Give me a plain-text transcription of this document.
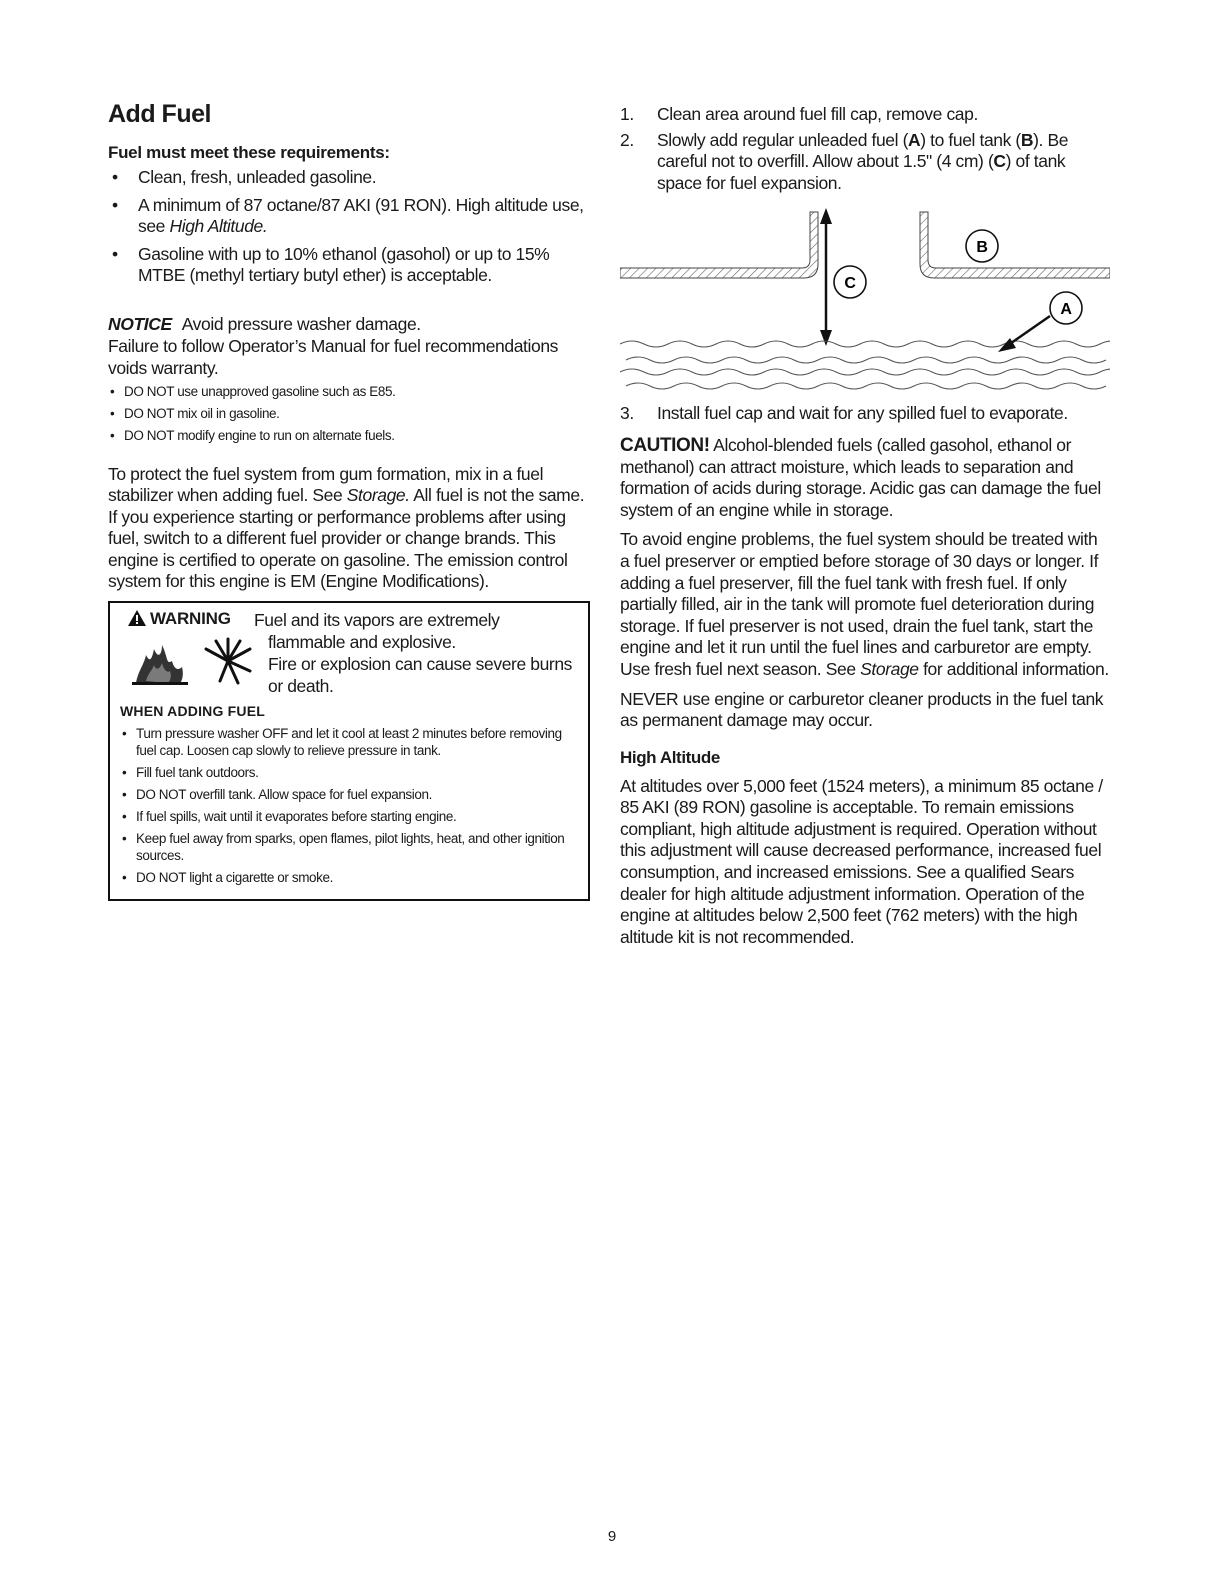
Add Fuel
Fuel must meet these requirements:
• Clean, fresh, unleaded gasoline.
• A minimum of 87 octane/87 AKI (91 RON). High altitude use, see High Altitude.
• Gasoline with up to 10% ethanol (gasohol) or up to 15% MTBE (methyl tertiary butyl ether) is acceptable.
NOTICE Avoid pressure washer damage.

Failure to follow Operator’s Manual for fuel recommendations voids warranty.

• DO NOT use unapproved gasoline such as E85.
• DO NOT mix oil in gasoline.
• DO NOT modify engine to run on alternate fuels.

To protect the fuel system from gum formation, mix in a fuel stabilizer when adding fuel. See Storage. All fuel is not the same. If you experience starting or performance problems after using fuel, switch to a different fuel provider or change brands. This engine is certified to operate on gasoline. The emission control system for this engine is EM (Engine Modifications).

WARNING
Fuel and its vapors are extremely
flammable and explosive.
Fire or explosion can cause severe burns
or death.
WHEN ADDING FUEL
• Turn pressure washer OFF and let it cool at least 2 minutes before removing fuel cap. Loosen cap slowly to relieve pressure in tank.
• Fill fuel tank outdoors.
• DO NOT overfill tank. Allow space for fuel expansion.
• If fuel spills, wait until it evaporates before starting engine.
• Keep fuel away from sparks, open flames, pilot lights, heat, and other ignition sources.
• DO NOT light a cigarette or smoke.
1. Clean area around fuel fill cap, remove cap.
2. Slowly add regular unleaded fuel (A) to fuel tank (B). Be careful not to overfill. Allow about 1.5" (4 cm) (C) of tank space for fuel expansion.
C
B
A
3. Install fuel cap and wait for any spilled fuel to evaporate.

CAUTION! Alcohol-blended fuels (called gasohol, ethanol or methanol) can attract moisture, which leads to separation and formation of acids during storage. Acidic gas can damage the fuel system of an engine while in storage.

To avoid engine problems, the fuel system should be treated with a fuel preserver or emptied before storage of 30 days or longer. If adding a fuel preserver, fill the fuel tank with fresh fuel. If only partially filled, air in the tank will promote fuel deterioration during storage. If fuel preserver is not used, drain the fuel tank, start the engine and let it run until the fuel lines and carburetor are empty. Use fresh fuel next season. See Storage for additional information.

NEVER use engine or carburetor cleaner products in the fuel tank as permanent damage may occur.

High Altitude

At altitudes over 5,000 feet (1524 meters), a minimum 85 octane / 85 AKI (89 RON) gasoline is acceptable. To remain emissions compliant, high altitude adjustment is required. Operation without this adjustment will cause decreased performance, increased fuel consumption, and increased emissions. See a qualified Sears dealer for high altitude adjustment information. Operation of the engine at altitudes below 2,500 feet (762 meters) with the high altitude kit is not recommended.

9
